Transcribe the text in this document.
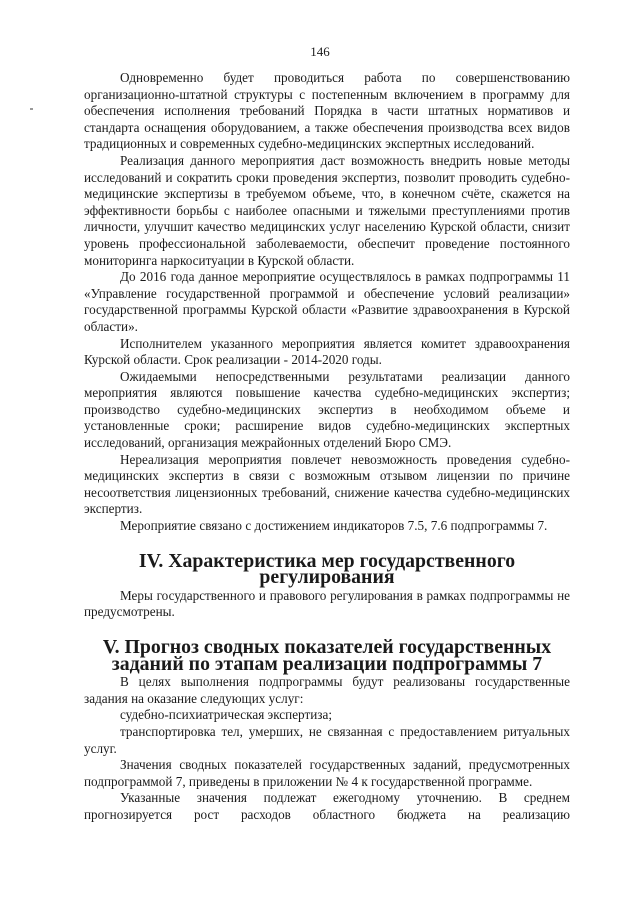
146

Одновременно будет проводиться работа по совершенствованию организационно-штатной структуры с постепенным включением в программу для обеспечения исполнения требований Порядка в части штатных нормативов и стандарта оснащения оборудованием, а также обеспечения производства всех видов традиционных и современных судебно-медицинских экспертных исследований.

Реализация данного мероприятия даст возможность внедрить новые методы исследований и сократить сроки проведения экспертиз, позволит проводить судебно-медицинские экспертизы в требуемом объеме, что, в конечном счёте, скажется на эффективности борьбы с наиболее опасными и тяжелыми преступлениями против личности, улучшит качество медицинских услуг населению Курской области, снизит уровень профессиональной заболеваемости, обеспечит проведение постоянного мониторинга наркоситуации в Курской области.

До 2016 года данное мероприятие осуществлялось в рамках подпрограммы 11 «Управление государственной программой и обеспечение условий реализации» государственной программы Курской области «Развитие здравоохранения в Курской области».

Исполнителем указанного мероприятия является комитет здравоохранения Курской области. Срок реализации - 2014-2020 годы.

Ожидаемыми непосредственными результатами реализации данного мероприятия являются повышение качества судебно-медицинских экспертиз; производство судебно-медицинских экспертиз в необходимом объеме и установленные сроки; расширение видов судебно-медицинских экспертных исследований, организация межрайонных отделений Бюро СМЭ.

Нереализация мероприятия повлечет невозможность проведения судебно-медицинских экспертиз в связи с возможным отзывом лицензии по причине несоответствия лицензионных требований, снижение качества судебно-медицинских экспертиз.

Мероприятие связано с достижением индикаторов 7.5, 7.6 подпрограммы 7.

IV. Характеристика мер государственного регулирования

Меры государственного и правового регулирования в рамках подпрограммы не предусмотрены.

V. Прогноз сводных показателей государственных заданий по этапам реализации подпрограммы 7

В целях выполнения подпрограммы будут реализованы государственные задания на оказание следующих услуг:

судебно-психиатрическая экспертиза;

транспортировка тел, умерших, не связанная с предоставлением ритуальных услуг.

Значения сводных показателей государственных заданий, предусмотренных подпрограммой 7, приведены в приложении № 4 к государственной программе.

Указанные значения подлежат ежегодному уточнению. В среднем прогнозируется рост расходов областного бюджета на реализацию
